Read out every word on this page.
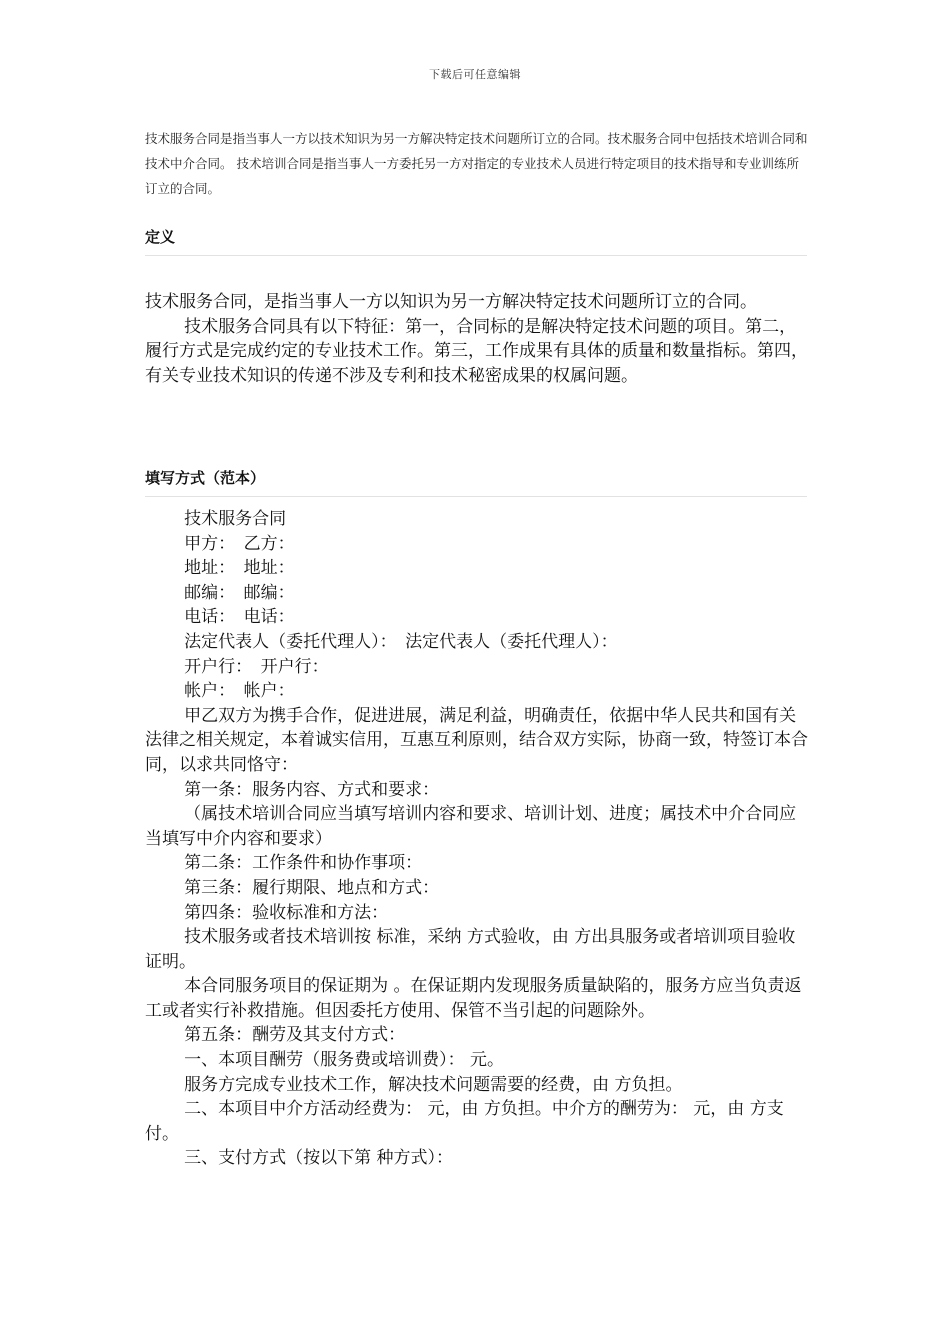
下载后可任意编辑
技术服务合同是指当事人一方以技术知识为另一方解决特定技术问题所订立的合同。技术服务合同中包括技术培训合同和技术中介合同。 技术培训合同是指当事人一方委托另一方对指定的专业技术人员进行特定项目的技术指导和专业训练所订立的合同。
定义

技术服务合同，是指当事人一方以知识为另一方解决特定技术问题所订立的合同。

技术服务合同具有以下特征：第一，合同标的是解决特定技术问题的项目。第二，履行方式是完成约定的专业技术工作。第三，工作成果有具体的质量和数量指标。第四，有关专业技术知识的传递不涉及专利和技术秘密成果的权属问题。

填写方式（范本）

技术服务合同

甲方：　乙方：

地址：　地址：

邮编：　邮编：

电话：　电话：

法定代表人（委托代理人）：　法定代表人（委托代理人）：

开户行：　开户行：

帐户：　帐户：

甲乙双方为携手合作，促进进展，满足利益，明确责任，依据中华人民共和国有关法律之相关规定，本着诚实信用，互惠互利原则，结合双方实际，协商一致，特签订本合同，以求共同恪守：

第一条：服务内容、方式和要求：

（属技术培训合同应当填写培训内容和要求、培训计划、进度；属技术中介合同应当填写中介内容和要求）

第二条：工作条件和协作事项：

第三条：履行期限、地点和方式：

第四条：验收标准和方法：

技术服务或者技术培训按 标准，采纳 方式验收，由 方出具服务或者培训项目验收证明。

本合同服务项目的保证期为 。在保证期内发现服务质量缺陷的，服务方应当负责返工或者实行补救措施。但因委托方使用、保管不当引起的问题除外。

第五条：酬劳及其支付方式：

一、本项目酬劳（服务费或培训费）： 元。

服务方完成专业技术工作，解决技术问题需要的经费，由 方负担。

二、本项目中介方活动经费为： 元，由 方负担。中介方的酬劳为： 元，由 方支付。

三、支付方式（按以下第 种方式）：
